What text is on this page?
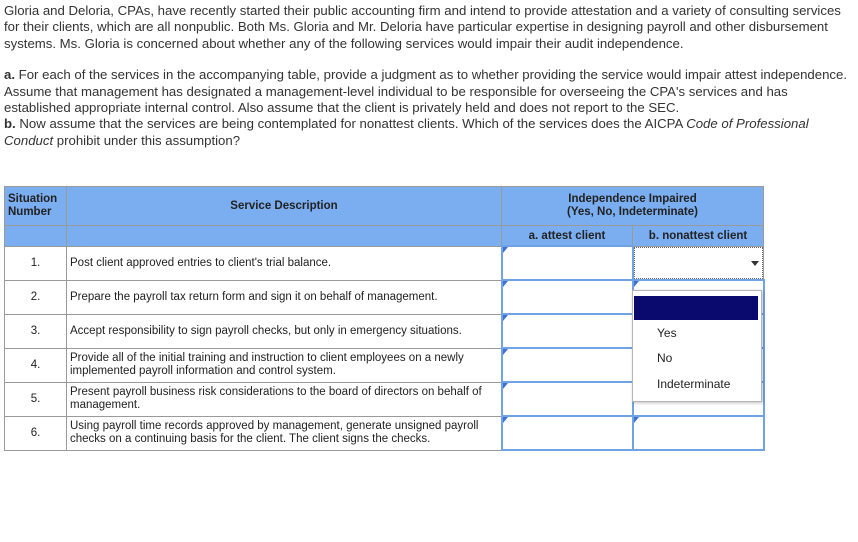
Gloria and Deloria, CPAs, have recently started their public accounting firm and intend to provide attestation and a variety of consulting services for their clients, which are all nonpublic. Both Ms. Gloria and Mr. Deloria have particular expertise in designing payroll and other disbursement systems. Ms. Gloria is concerned about whether any of the following services would impair their audit independence.

a. For each of the services in the accompanying table, provide a judgment as to whether providing the service would impair attest independence. Assume that management has designated a management-level individual to be responsible for overseeing the CPA's services and has established appropriate internal control. Also assume that the client is privately held and does not report to the SEC.
b. Now assume that the services are being contemplated for nonattest clients. Which of the services does the AICPA Code of Professional Conduct prohibit under this assumption?

Situation
Number	Service Description	Independence Impaired
(Yes, No, Indeterminate)	
		a. attest client	b. nonattest client
1.	Post client approved entries to client's trial balance.	

2.	Prepare the payroll tax return form and sign it on behalf of management.	

3.	Accept responsibility to sign payroll checks, but only in emergency situations.	

4.	Provide all of the initial training and instruction to client employees on a newly implemented payroll information and control system.	

5.	Present payroll business risk considerations to the board of directors on behalf of management.	

6.	Using payroll time records approved by management, generate unsigned payroll checks on a continuing basis for the client. The client signs the checks.	

Yes
No
Indeterminate
